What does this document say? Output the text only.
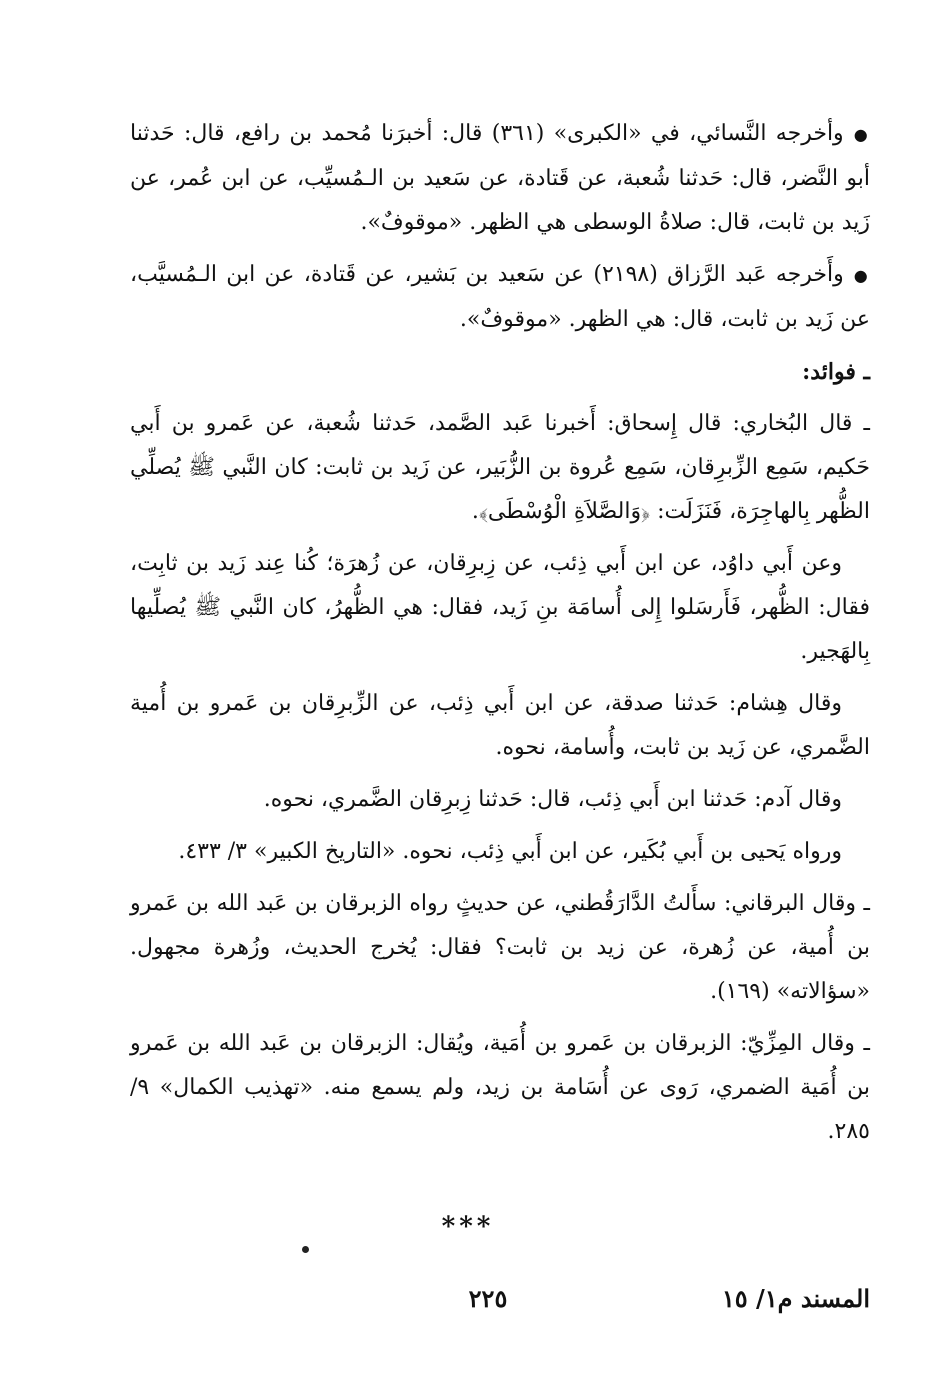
●وأخرجه النَّسائي، في «الكبرى» (٣٦١) قال: أخبرَنا مُحمد بن رافع، قال: حَدثنا أبو النَّضر، قال: حَدثنا شُعبة، عن قَتادة، عن سَعيد بن الـمُسيِّب، عن ابن عُمر، عن زَيد بن ثابت، قال: صلاةُ الوسطى هي الظهر. «موقوفٌ».

●وأَخرجه عَبد الرَّزاق (٢١٩٨) عن سَعيد بن بَشير، عن قَتادة، عن ابن الـمُسيَّب، عن زَيد بن ثابت، قال: هي الظهر. «موقوفٌ».

ـ فوائد:

ـ قال البُخاري: قال إِسحاق: أَخبرنا عَبد الصَّمد، حَدثنا شُعبة، عن عَمرو بن أَبي حَكيم، سَمِع الزِّبرِقان، سَمِع عُروة بن الزُّبَير، عن زَيد بن ثابت: كان النَّبي ﷺ يُصلِّي الظُّهر بِالهاجِرَة، فَنَزَلَت: ﴿وَالصَّلاَةِ الْوُسْطَى﴾.

وعن أَبي داوُد، عن ابن أَبي ذِئب، عن زِبرِقان، عن زُهرَة؛ كُنا عِند زَيد بن ثابِت، فقال: الظُّهر، فَأَرسَلوا إِلى أُسامَة بنِ زَيد، فقال: هي الظُّهرُ، كان النَّبي ﷺ يُصلِّيها بِالهَجير.

وقال هِشام: حَدثنا صدقة، عن ابن أَبي ذِئب، عن الزِّبرِقان بن عَمرو بن أُمية الضَّمري، عن زَيد بن ثابت، وأُسامة، نحوه.

وقال آدم: حَدثنا ابن أَبي ذِئب، قال: حَدثنا زِبرِقان الضَّمري، نحوه.

ورواه يَحيى بن أَبي بُكَير، عن ابن أَبي ذِئب، نحوه. «التاريخ الكبير» ٣/ ٤٣٣.

ـ وقال البرقاني: سأَلتُ الدَّارَقُطني، عن حديثٍ رواه الزبرقان بن عَبد الله بن عَمرو بن أُمية، عن زُهرة، عن زيد بن ثابت؟ فقال: يُخرج الحديث، وزُهرة مجهول. «سؤالاته» (١٦٩).

ـ وقال المِزِّيّ: الزبرقان بن عَمرو بن أُمَية، ويُقال: الزبرقان بن عَبد الله بن عَمرو بن أُمَية الضمري، رَوى عن أُسَامة بن زيد، ولم يسمع منه. «تهذيب الكمال» ٩/ ٢٨٥.

***
٢٢٥	المسند م١/ ١٥
